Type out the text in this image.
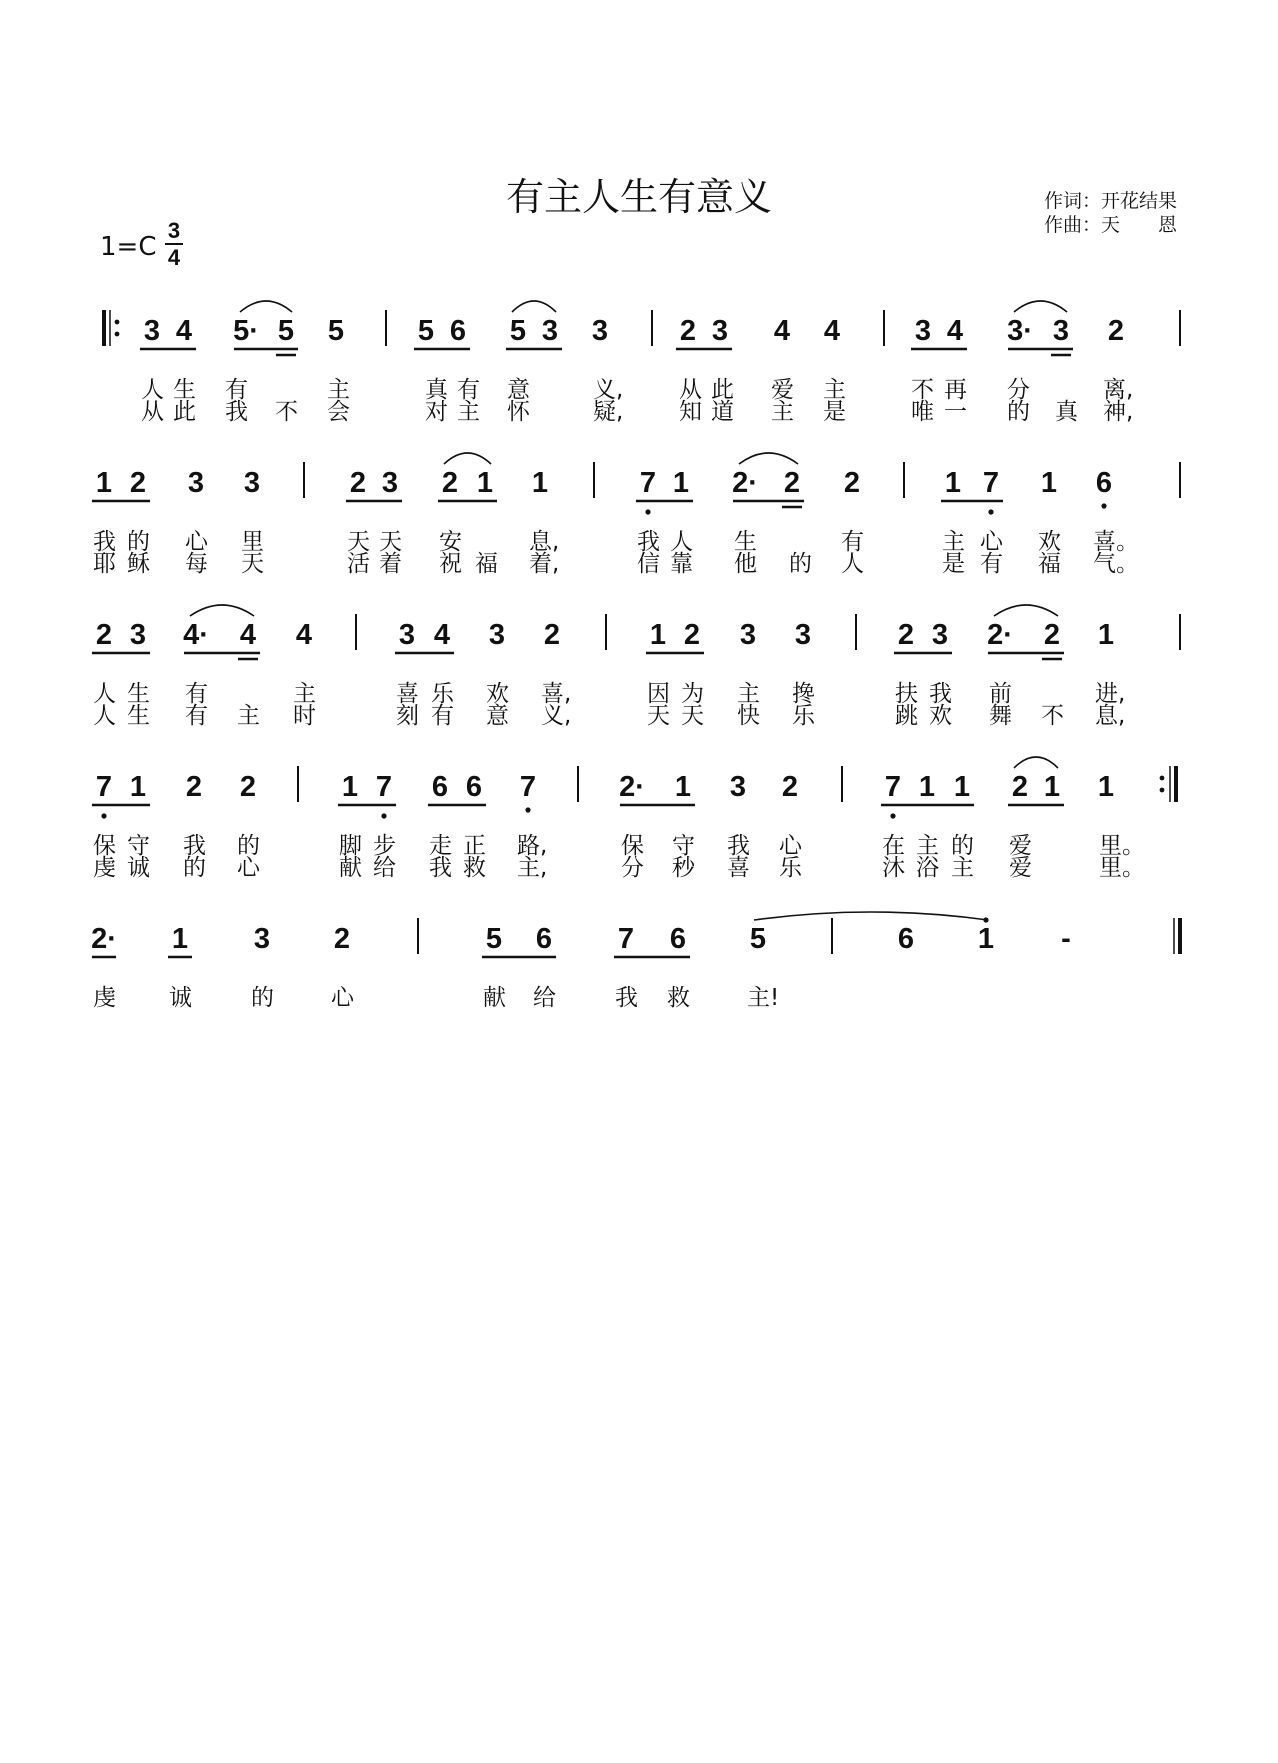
有主人生有意义	作词：开花结果
作曲：天　　恩
1=C
3
4
3 4 5· 5 5	5 6 5 3 3 2 3 4 4	3 4 3· 3 2
人 生 有	主	真 有 意	义, 从 此 爱 主	不 再 分	离,
从 此 我 不 会	对 主 怀	疑, 知 道 主 是	唯 一 的 真 神,
1 2 3 3	2 3 2 1 1	7 1 2· 2 2	1 7 1 6
我 的 心 里	天 天 安	息,	我 人 生	有	主 心 欢 喜。
耶 稣 每 天	活 着 祝 福 着,	信 靠 他 的 人	是 有 福 气。
2 3 4· 4 4	3 4 3 2	1 2 3 3	2 3 2· 2 1
人 生 有	主	喜 乐 欢 喜,	因 为 主 搀	扶 我 前	进,
人 生 有 主 时	刻 有 意 义,	天 天 快 乐	跳 欢 舞 不 息,
7 1 2 2	1 7 6 6 7	2· 1 3 2	7 1 1 2 1 1
保 守 我 的	脚 步 走 正 路,	保 守 我 心	在 主 的 爱	里。
虔 诚 的 心	献 给 我 救 主,	分 秒 喜 乐	沐 浴 主 爱	里。
2· 1 3 2	5 6 7 6 5	6 1 -
虔 诚	的 心	献 给	我 救 主!
